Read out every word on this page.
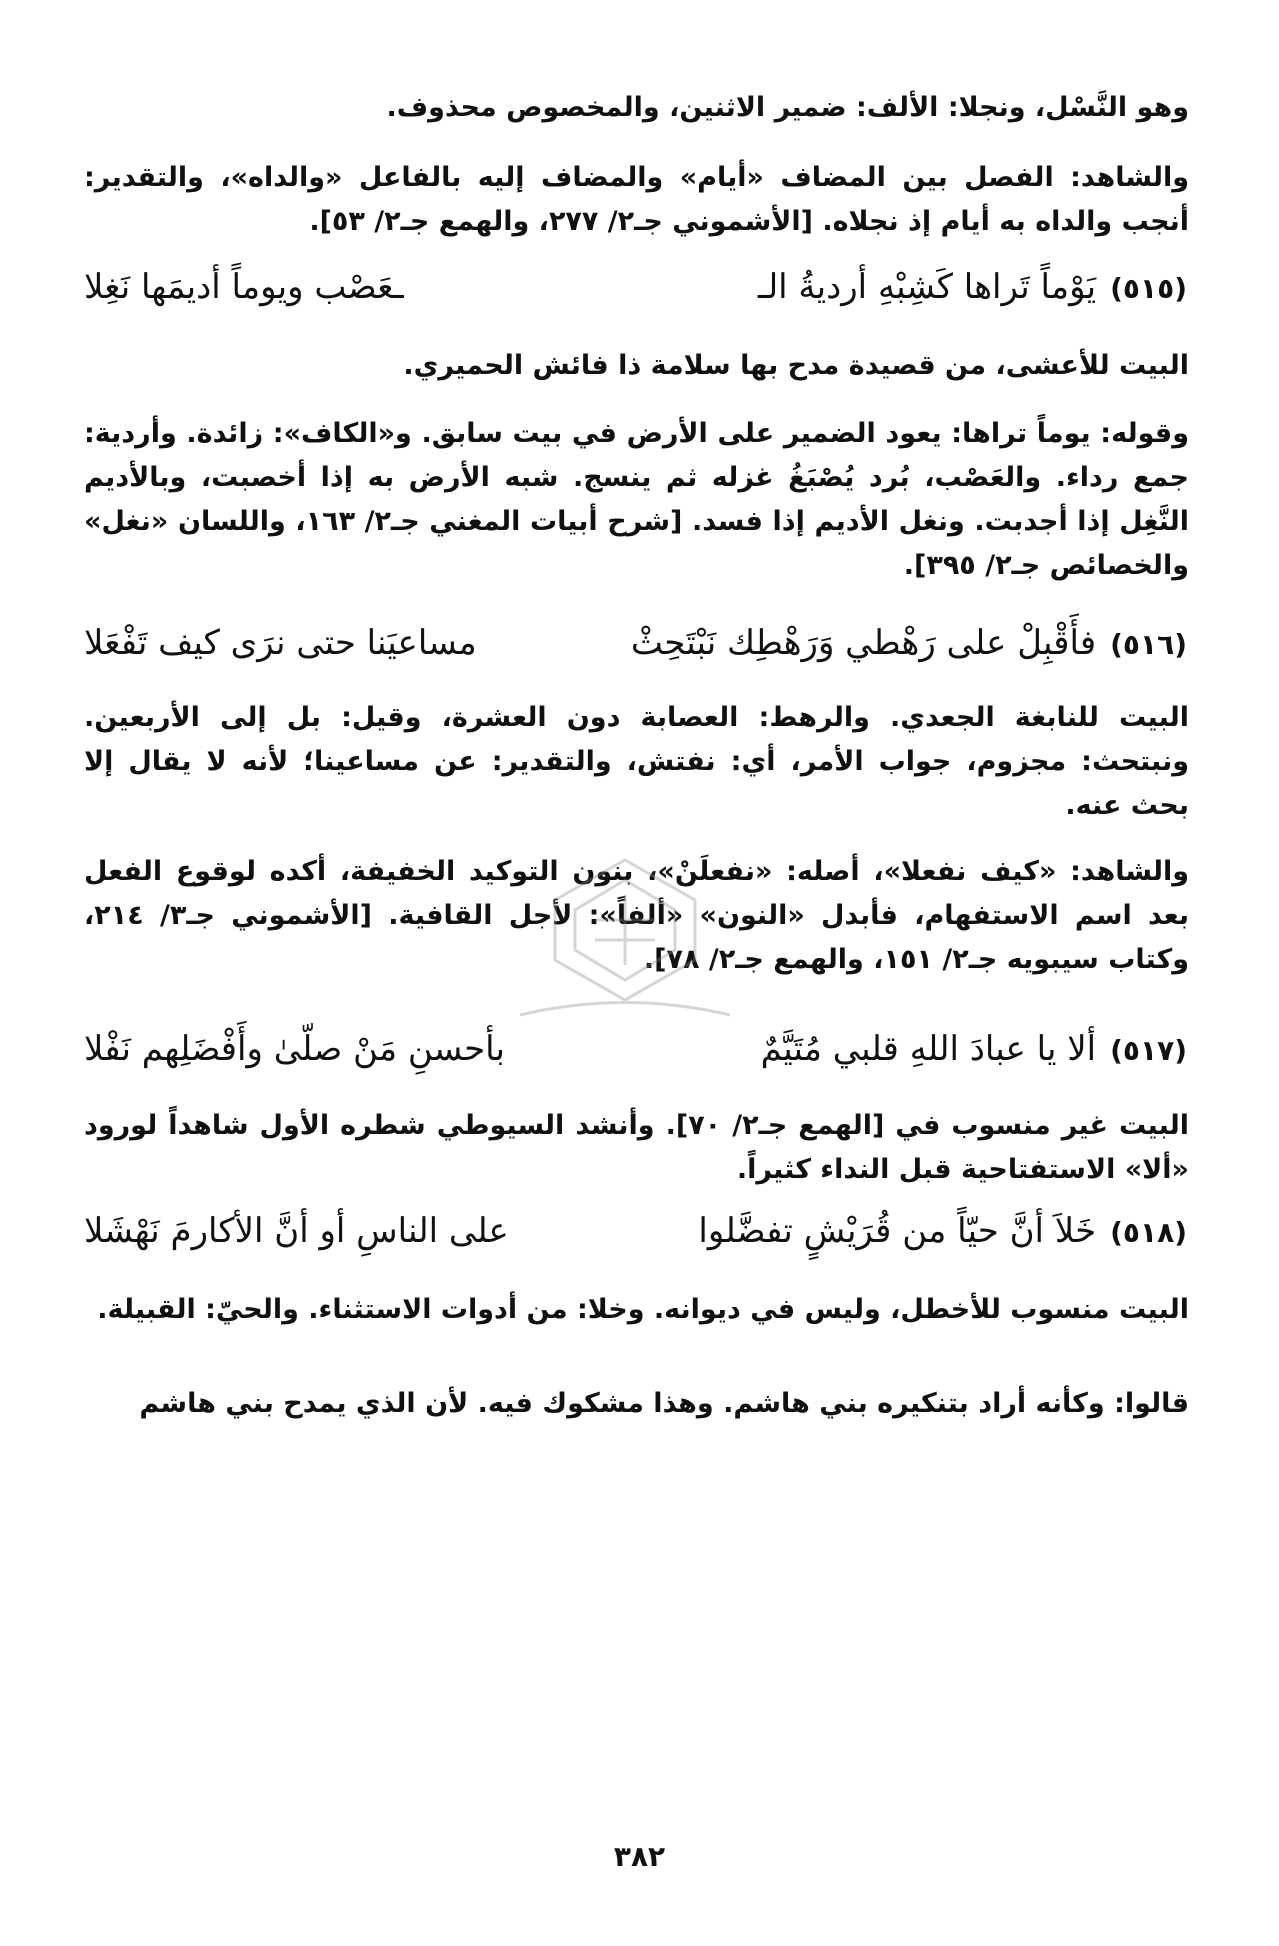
وهو النَّسْل، ونجلا: الألف: ضمير الاثنين، والمخصوص محذوف.
والشاهد: الفصل بين المضاف «أيام» والمضاف إليه بالفاعل «والداه»، والتقدير: أنجب والداه به أيام إذ نجلاه. [الأشموني جـ٢/ ٢٧٧، والهمع جـ٢/ ٥٣].
(٥١٥)
يَوْماً تَراها كَشِبْهِ أرديةُ الـ
ـعَصْب ويوماً أديمَها نَغِلا
البيت للأعشى، من قصيدة مدح بها سلامة ذا فائش الحميري.
وقوله: يوماً تراها: يعود الضمير على الأرض في بيت سابق. و«الكاف»: زائدة. وأردية: جمع رداء. والعَصْب، بُرد يُصْبَغُ غزله ثم ينسج. شبه الأرض به إذا أخصبت، وبالأديم النَّغِل إذا أجدبت. ونغل الأديم إذا فسد. [شرح أبيات المغني جـ٢/ ١٦٣، واللسان «نغل» والخصائص جـ٢/ ٣٩٥].
(٥١٦)
فأَقْبِلْ على رَهْطي وَرَهْطِك نَبْتَحِثْ
مساعيَنا حتى نرَى كيف تَفْعَلا
البيت للنابغة الجعدي. والرهط: العصابة دون العشرة، وقيل: بل إلى الأربعين. ونبتحث: مجزوم، جواب الأمر، أي: نفتش، والتقدير: عن مساعينا؛ لأنه لا يقال إلا بحث عنه.
والشاهد: «كيف نفعلا»، أصله: «نفعلَنْ»، بنون التوكيد الخفيفة، أكده لوقوع الفعل بعد اسم الاستفهام، فأبدل «النون» «ألفاً»: لأجل القافية. [الأشموني جـ٣/ ٢١٤، وكتاب سيبويه جـ٢/ ١٥١، والهمع جـ٢/ ٧٨].
(٥١٧)
ألا يا عبادَ اللهِ قلبي مُتَيَّمٌ
بأحسنِ مَنْ صلّىٰ وأَفْضَلِهم نَفْلا
البيت غير منسوب في [الهمع جـ٢/ ٧٠]. وأنشد السيوطي شطره الأول شاهداً لورود «ألا» الاستفتاحية قبل النداء كثيراً.
(٥١٨)
خَلاَ أنَّ حيّاً من قُرَيْشٍ تفضَّلوا
على الناسِ أو أنَّ الأكارمَ نَهْشَلا
البيت منسوب للأخطل، وليس في ديوانه. وخلا: من أدوات الاستثناء. والحيّ: القبيلة.
قالوا: وكأنه أراد بتنكيره بني هاشم. وهذا مشكوك فيه. لأن الذي يمدح بني هاشم
٣٨٢
